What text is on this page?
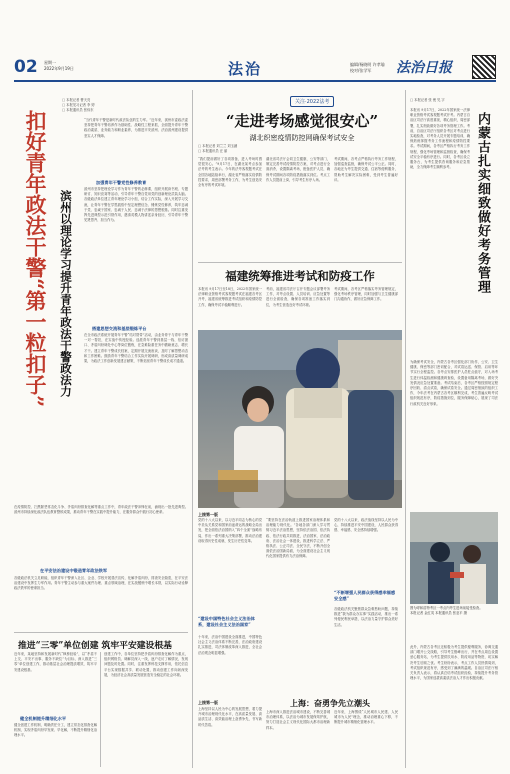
02 星期一
2022年9月19日	法治	编辑/杨晓明 许孝瑜
校对/张学军	法治日报
□ 本报记者 曹天亮
□ 本报见习记者 李 婷
□ 本报通讯员 张伟东
扣好青年政法干警“第一粒扣子” 滨州以理论学习提升青年政法干警政法力
“当代青年干警是新时代政法队伍的生力军。”近年来，滨州市委政法委坚持把青年干警培养作为基础性、战略性工程来抓，全面提升青年干警政治素质、业务能力和职业素养，为推进平安滨州、法治滨州建设提供坚实人才保障。
加强青年干警党性修养教育
滨州市坚持把理论学习作为青年干警的必修课，组织开展读书班、专题研讨、知识竞赛等活动，引导青年干警自觉用党的创新理论武装头脑。各级政法单位建立青年理论学习小组，结合工作实际，深入开展学习交流，让青年干警在学思践悟中坚定理想信念、锤炼党性修养，筑牢忠诚于党、忠诚于国家、忠诚于人民、忠诚于法律的思想根基。同时注重发挥先进典型示范引领作用，邀请英模人物讲述亲身经历，引导青年干警见贤思齐、担当作为。
搭建思想交流和基层锻炼平台
在全市政法系统开展青年干警“结对帮带”活动，由业务骨干与青年干警一对一帮扶，在实战中传授经验。选派青年干警到基层一线、信访窗口、矛盾纠纷调处中心等岗位锻炼，在急难险重任务中磨砺意志、增长才干。建立青年干警成长档案，定期开展交流座谈，及时了解思想动态和工作困难。鼓励青年干警结合工作实际开展调研，形成高质量调研成果，为政法工作创新发展建言献策，不断拓宽青年干警成长成才通道。
在疫情防控、扫黑除恶常态化斗争、矛盾纠纷排查化解等重点工作中，青年政法干警冲锋在前，涌现出一批先进典型。滨州市持续深化政法队伍教育整顿成果，推动青年干警在实践中提升能力，在服务群众中践行初心使命。
在平安法治建设中锻造青年政法铁军
各级政法机关立足职能，组织青年干警深入社区、企业、学校开展普法宣传，化解矛盾纠纷，排查安全隐患，在平安法治建设中发挥生力军作用。青年干警主动参与重大案件办理、重点领域治理，在实战锻炼中增长本领，以实际行动诠释政法铁军的使命担当。
推进“三零”单位创建 筑牢平安建设根基
近年来，某地坚持和发展新时代“枫桥经验”，以“矛盾不上交、平安不出事、服务不缺位”为目标，深入推进“三零”单位创建工作，推动基层社会治理提质增效，筑牢平安建设根基。
健全机制提升精细化水平
健全创建工作机制，明确责任分工，建立常态化排查化解机制，实现矛盾纠纷早发现、早化解，不断提升精细化治理水平。
创建工作中，各单位坚持把矛盾纠纷排查化解作为重点，组织网格员、调解员深入一线，逐户走访了解情况，发现问题及时处置。同时，注重发挥科技支撑作用，依托信息平台实现数据共享、联动处置，推动创建工作向纵深发展，为经济社会高质量发展营造安全稳定的社会环境。
关注·2022法考
“走进考场感觉很安心”
湖北织密疫情防控网确保考试安全
□ 本报记者 刘兰兰 刘玉涵
□ 本报通讯员 汪 丽
“我们提前做好了各项准备，进入考场时感觉很安心。”9月17日，在湖北某考点参加法考的考生表示。今年的法考客观题考试在全国各地陆续举行，湖北省严格落实疫情防控要求，周密部署考务工作，为考生创造安全有序的考试环境。
湖北省司法厅会同卫生健康、公安等部门，制定完善考试疫情防控方案，对考点进行全面消杀，设置隔离考场，配备医护人员，确保考试期间各项防疫措施落实到位。考点工作人员提前上岗，引导考生有序入场。
考试期间，各考点严格执行考务工作规程，加强巡查监督，确保考试公平公正。同时，各地还为考生提供交通、住宿等便利服务，帮助考生解决实际困难，受到考生普遍好评。
福建统筹推进考试和防疫工作
本报讯 9月17日至18日，2022年国家统一法律职业资格考试客观题考试在福建各考区开考，福建省统筹推进考试组织和疫情防控工作，确保考试平稳顺利进行。
考前，福建省司法厅召开专题会议部署考务工作，对考点设置、人员培训、应急处置等进行全面检查，确保各项准备工作落实到位，为考生营造良好考试环境。
考试期间，各考区严格落实考务管理规定，强化考场秩序管理，同时加强与卫生健康部门沟通协作，做好应急保障工作。
上接第一版
党的十八大以来，以习近平同志为核心的党中央从关系党和国家前途命运的战略全局出发，把全面依法治国纳入“四个全面”战略布局，作出一系列重大决策部署，推动法治建设取得历史性成就、发生历史性变革。
“建设中国特色社会主义法治体系，建设社会主义法治国家”
十年来，法治中国建设全面推进，中国特色社会主义法治体系不断完善，法治政府建设扎实推进，司法体制改革深入推进，全社会法治观念明显增强。
上接第一版
上海坚持以人民为中心的发展思想，着力提升城市治理现代化水平，在高质量发展、高品质生活、高效能治理上奋勇争先，书写新时代答卷。
“要坚持在法治轨道上推进国家治理体系和治理能力现代化。”各地各部门深入学习贯彻习近平法治思想，坚持依法治国、依法执政、依法行政共同推进，法治国家、法治政府、法治社会一体建设，推进科学立法、严格执法、公正司法、全民守法，不断开创全面依法治国新局面，为全面建设社会主义现代化国家提供有力法治保障。
党的十八大以来，政法战线坚持以人民为中心，持续推进平安中国建设，人民群众获得感、幸福感、安全感持续增强。
“不断增强人民群众获得感幸福感安全感”
各级政法机关聚焦群众急难愁盼问题，持续推进“我为群众办实事”实践活动，推出一系列便民利民举措，以法治力量守护群众美好生活。
上海：奋勇争先立潮头
上海市深入推进法治城市建设，不断完善城市治理体系，以法治为城市发展保驾护航，努力打造社会主义现代化国际大都市治理新样本。
近年来，上海围绕“人民城市人民建、人民城市为人民”理念，推动治理重心下移，不断提升城市精细化管理水平。
□ 本报记者 张 俊 见 字
内蒙古扎实细致做好考务管理
本报讯 9月17日，2022年国家统一法律职业资格考试客观题考试开考。内蒙古自治区司法厅高度重视，精心组织，周密部署，扎实细致做好各项考务管理工作。考前，自治区司法厅组织各考区对考点进行实地检查，对考务人员开展专题培训，确保熟练掌握考务工作流程和疫情防控要求。考试期间，各考区严格执行考务工作规程，强化考场管理和监督检查，确保考试安全平稳有序进行。同时，各考区设立服务台，为考生提供咨询服务和应急帮助，全力保障考生顺利参考。
为确保考试安全，内蒙古各考区强化部门协作，公安、卫生健康、保密等部门密切配合，对试卷运送、保管、启用等环节实行全程监控。各考点安排医护人员驻点值守，对入场考生进行体温检测和健康码查验，设置备用隔离考场，做好突发情况应急处置准备。考试结束后，各考区严格按照规定程序回收、清点试卷，确保试卷安全。通过周密细致的组织工作，今年法考在内蒙古各考区顺利完成，考生普遍反映考试组织规范有序，防疫措施到位，服务保障贴心，展现了司法行政机关良好形象。
图为呼和浩特考区一考点内考生进场前接受检查。
本报记者 金红英 本报通讯员 张亚平 摄
此外，内蒙古各考区还积极为考生提供便利服务，协调交通部门增开公交线路，引导考生错峰出行，并在考点周边设置爱心服务站，为考生提供饮用水、防疫用品等物资，切实解决考生后顾之忧。考生纷纷表示，考点工作人员热情周到，考试组织规范有序，感受到了满满的温暖。自治区司法厅相关负责人表示，将认真总结考试组织经验，持续提升考务管理水平，为国家选拔高素质法治人才作出积极贡献。
